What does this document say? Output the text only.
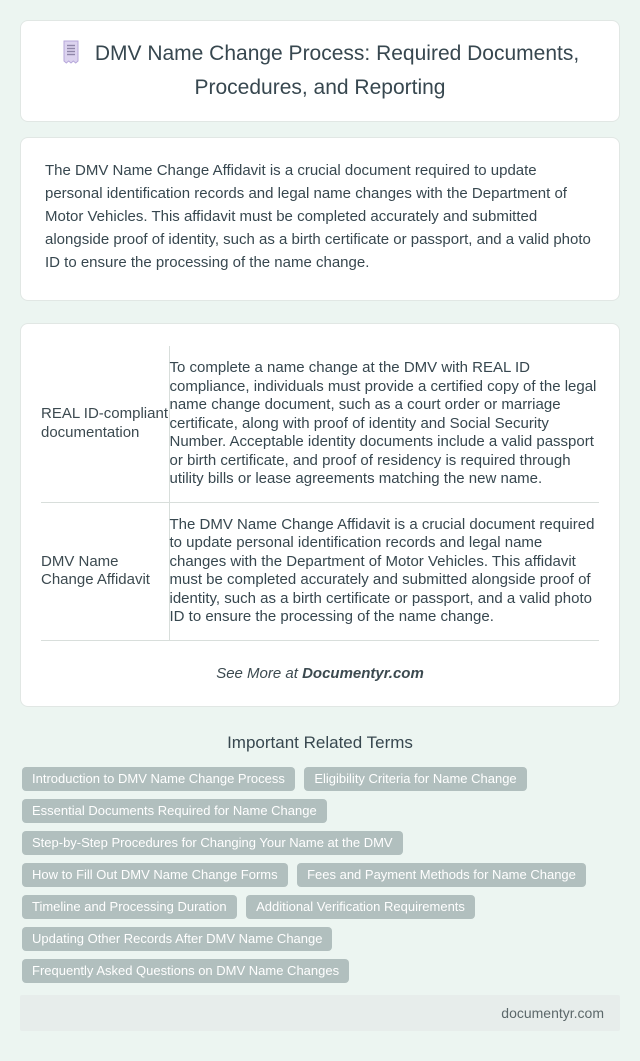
DMV Name Change Process: Required Documents, Procedures, and Reporting

The DMV Name Change Affidavit is a crucial document required to update personal identification records and legal name changes with the Department of Motor Vehicles. This affidavit must be completed accurately and submitted alongside proof of identity, such as a birth certificate or passport, and a valid photo ID to ensure the processing of the name change.

REAL ID-compliant documentation	To complete a name change at the DMV with REAL ID compliance, individuals must provide a certified copy of the legal name change document, such as a court order or marriage certificate, along with proof of identity and Social Security Number. Acceptable identity documents include a valid passport or birth certificate, and proof of residency is required through utility bills or lease agreements matching the new name.
DMV Name Change Affidavit	The DMV Name Change Affidavit is a crucial document required to update personal identification records and legal name changes with the Department of Motor Vehicles. This affidavit must be completed accurately and submitted alongside proof of identity, such as a birth certificate or passport, and a valid photo ID to ensure the processing of the name change.
See More at Documentyr.com
Important Related Terms
Introduction to DMV Name Change Process Eligibility Criteria for Name Change Essential Documents Required for Name Change Step-by-Step Procedures for Changing Your Name at the DMV How to Fill Out DMV Name Change Forms Fees and Payment Methods for Name Change Timeline and Processing Duration Additional Verification Requirements Updating Other Records After DMV Name Change Frequently Asked Questions on DMV Name Changes
documentyr.com
